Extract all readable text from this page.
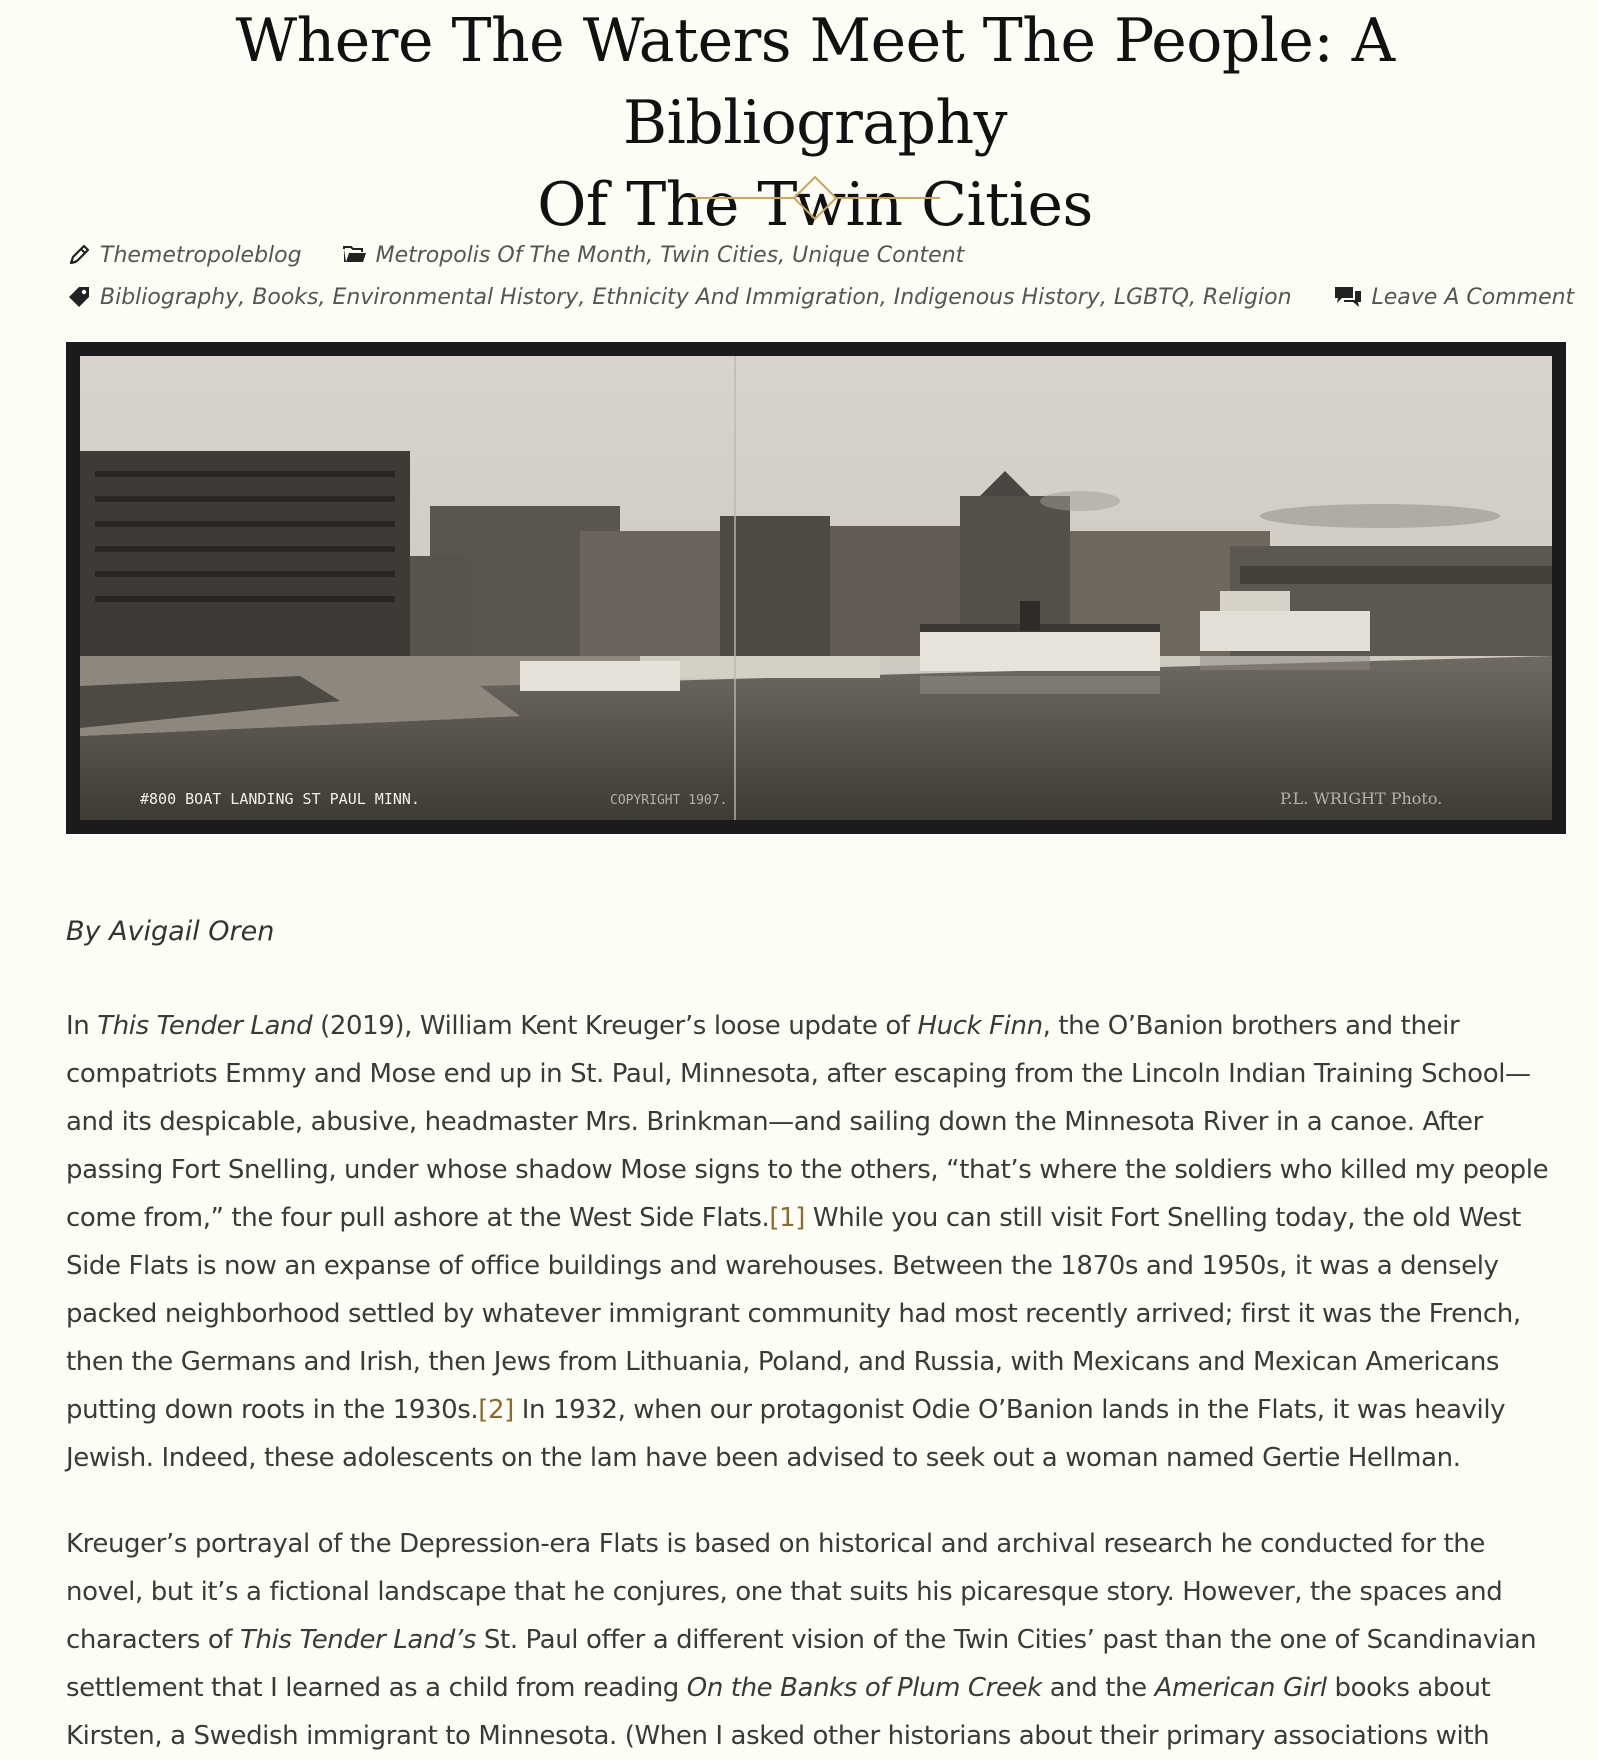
Where The Waters Meet The People: A Bibliography
Of The Twin Cities
Themetropoleblog	Metropolis Of The Month , Twin Cities , Unique Content
Bibliography , Books , Environmental History , Ethnicity And Immigration , Indigenous History , LGBTQ , Religion	Leave A Comment
#800 BOAT LANDING ST PAUL MINN.	COPYRIGHT 1907.	P.L. WRIGHT Photo.

By Avigail Oren

In This Tender Land (2019), William Kent Kreuger’s loose update of Huck Finn, the O’Banion brothers and their compatriots Emmy and Mose end up in St. Paul, Minnesota, after escaping from the Lincoln Indian Training School—and its despicable, abusive, headmaster Mrs. Brinkman—and sailing down the Minnesota River in a canoe. After passing Fort Snelling, under whose shadow Mose signs to the others, “that’s where the soldiers who killed my people come from,” the four pull ashore at the West Side Flats.[1] While you can still visit Fort Snelling today, the old West Side Flats is now an expanse of office buildings and warehouses. Between the 1870s and 1950s, it was a densely packed neighborhood settled by whatever immigrant community had most recently arrived; first it was the French, then the Germans and Irish, then Jews from Lithuania, Poland, and Russia, with Mexicans and Mexican Americans putting down roots in the 1930s.[2] In 1932, when our protagonist Odie O’Banion lands in the Flats, it was heavily Jewish. Indeed, these adolescents on the lam have been advised to seek out a woman named Gertie Hellman.

Kreuger’s portrayal of the Depression-era Flats is based on historical and archival research he conducted for the novel, but it’s a fictional landscape that he conjures, one that suits his picaresque story. However, the spaces and characters of This Tender Land’s St. Paul offer a different vision of the Twin Cities’ past than the one of Scandinavian settlement that I learned as a child from reading On the Banks of Plum Creek and the American Girl books about Kirsten, a Swedish immigrant to Minnesota. (When I asked other historians about their primary associations with
